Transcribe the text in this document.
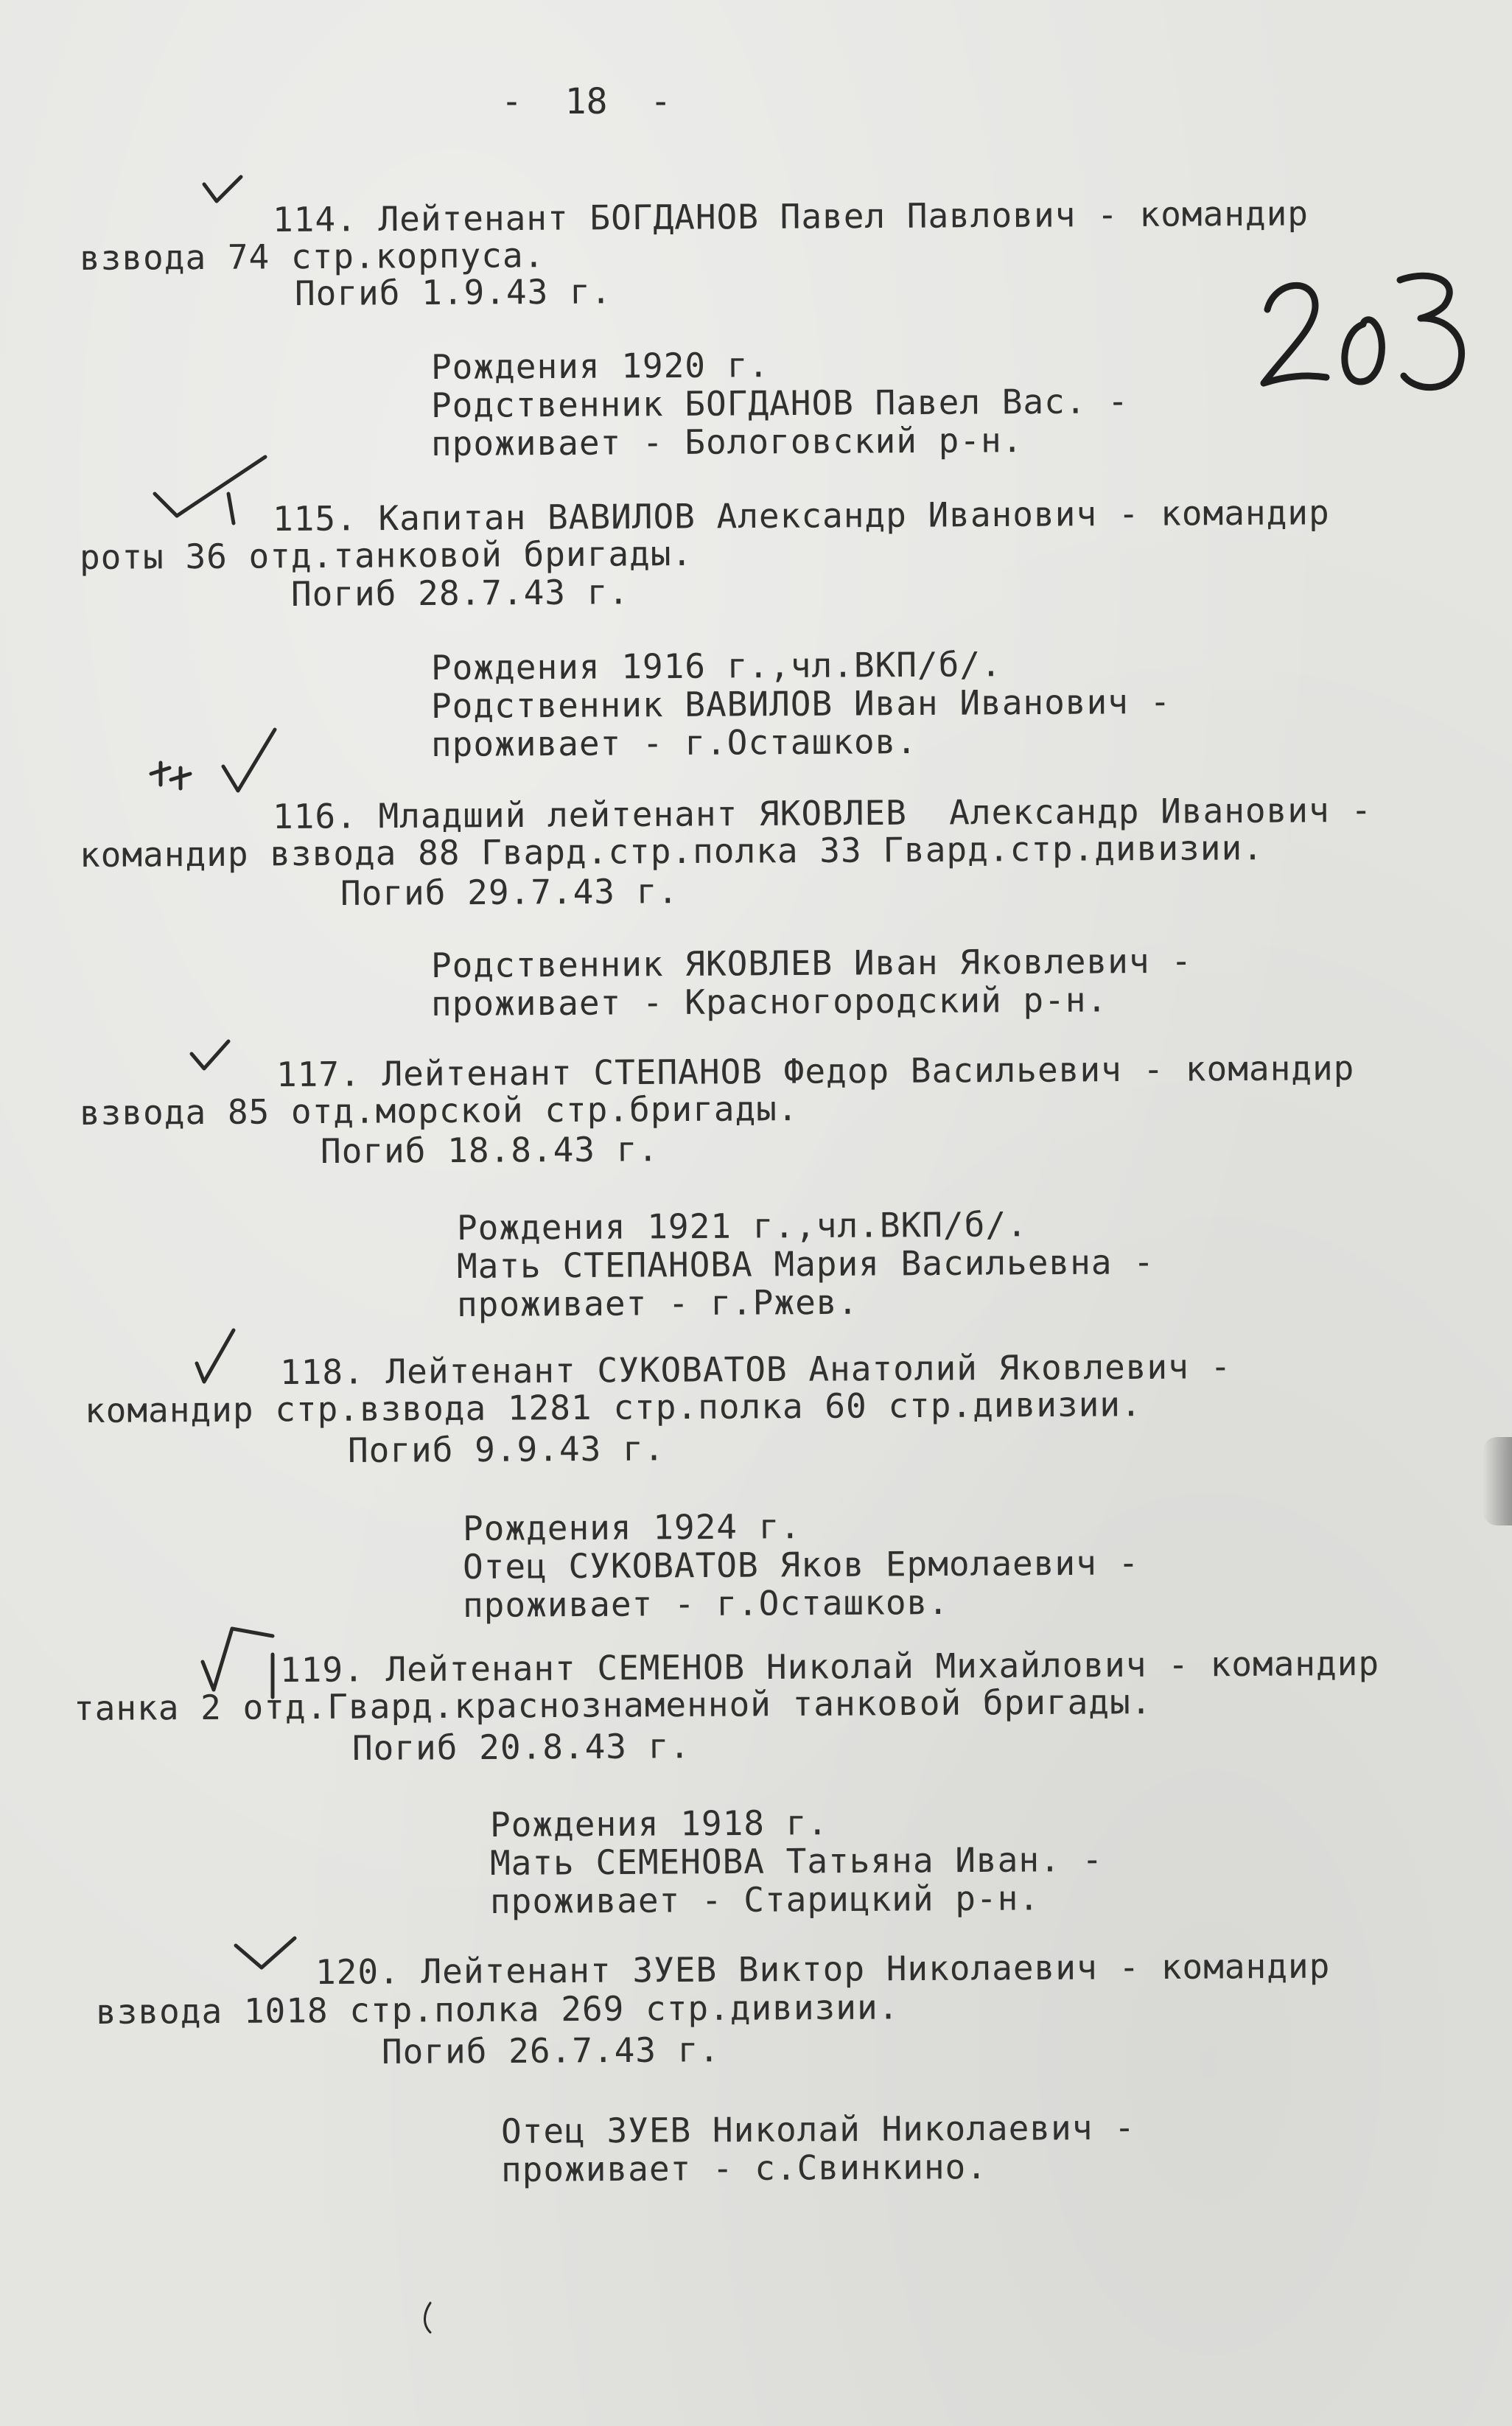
-  18  -
203
114. Лейтенант БОГДАНОВ Павел Павлович - командир
взвода 74 стр.корпуса.
Погиб 1.9.43 г.
Рождения 1920 г.
Родственник БОГДАНОВ Павел Вас. -
проживает - Бологовский р-н.
115. Капитан ВАВИЛОВ Александр Иванович - командир
роты 36 отд.танковой бригады.
Погиб 28.7.43 г.
Рождения 1916 г.,чл.ВКП/б/.
Родственник ВАВИЛОВ Иван Иванович -
проживает - г.Осташков.
116. Младший лейтенант ЯКОВЛЕВ  Александр Иванович -
командир взвода 88 Гвард.стр.полка 33 Гвард.стр.дивизии.
Погиб 29.7.43 г.
Родственник ЯКОВЛЕВ Иван Яковлевич -
проживает - Красногородский р-н.
117. Лейтенант СТЕПАНОВ Федор Васильевич - командир
взвода 85 отд.морской стр.бригады.
Погиб 18.8.43 г.
Рождения 1921 г.,чл.ВКП/б/.
Мать СТЕПАНОВА Мария Васильевна -
проживает - г.Ржев.
118. Лейтенант СУКОВАТОВ Анатолий Яковлевич -
командир стр.взвода 1281 стр.полка 60 стр.дивизии.
Погиб 9.9.43 г.
Рождения 1924 г.
Отец СУКОВАТОВ Яков Ермолаевич -
проживает - г.Осташков.
119. Лейтенант СЕМЕНОВ Николай Михайлович - командир
танка 2 отд.Гвард.краснознаменной танковой бригады.
Погиб 20.8.43 г.
Рождения 1918 г.
Мать СЕМЕНОВА Татьяна Иван. -
проживает - Старицкий р-н.
120. Лейтенант ЗУЕВ Виктор Николаевич - командир
взвода 1018 стр.полка 269 стр.дивизии.
Погиб 26.7.43 г.
Отец ЗУЕВ Николай Николаевич -
проживает - с.Свинкино.
